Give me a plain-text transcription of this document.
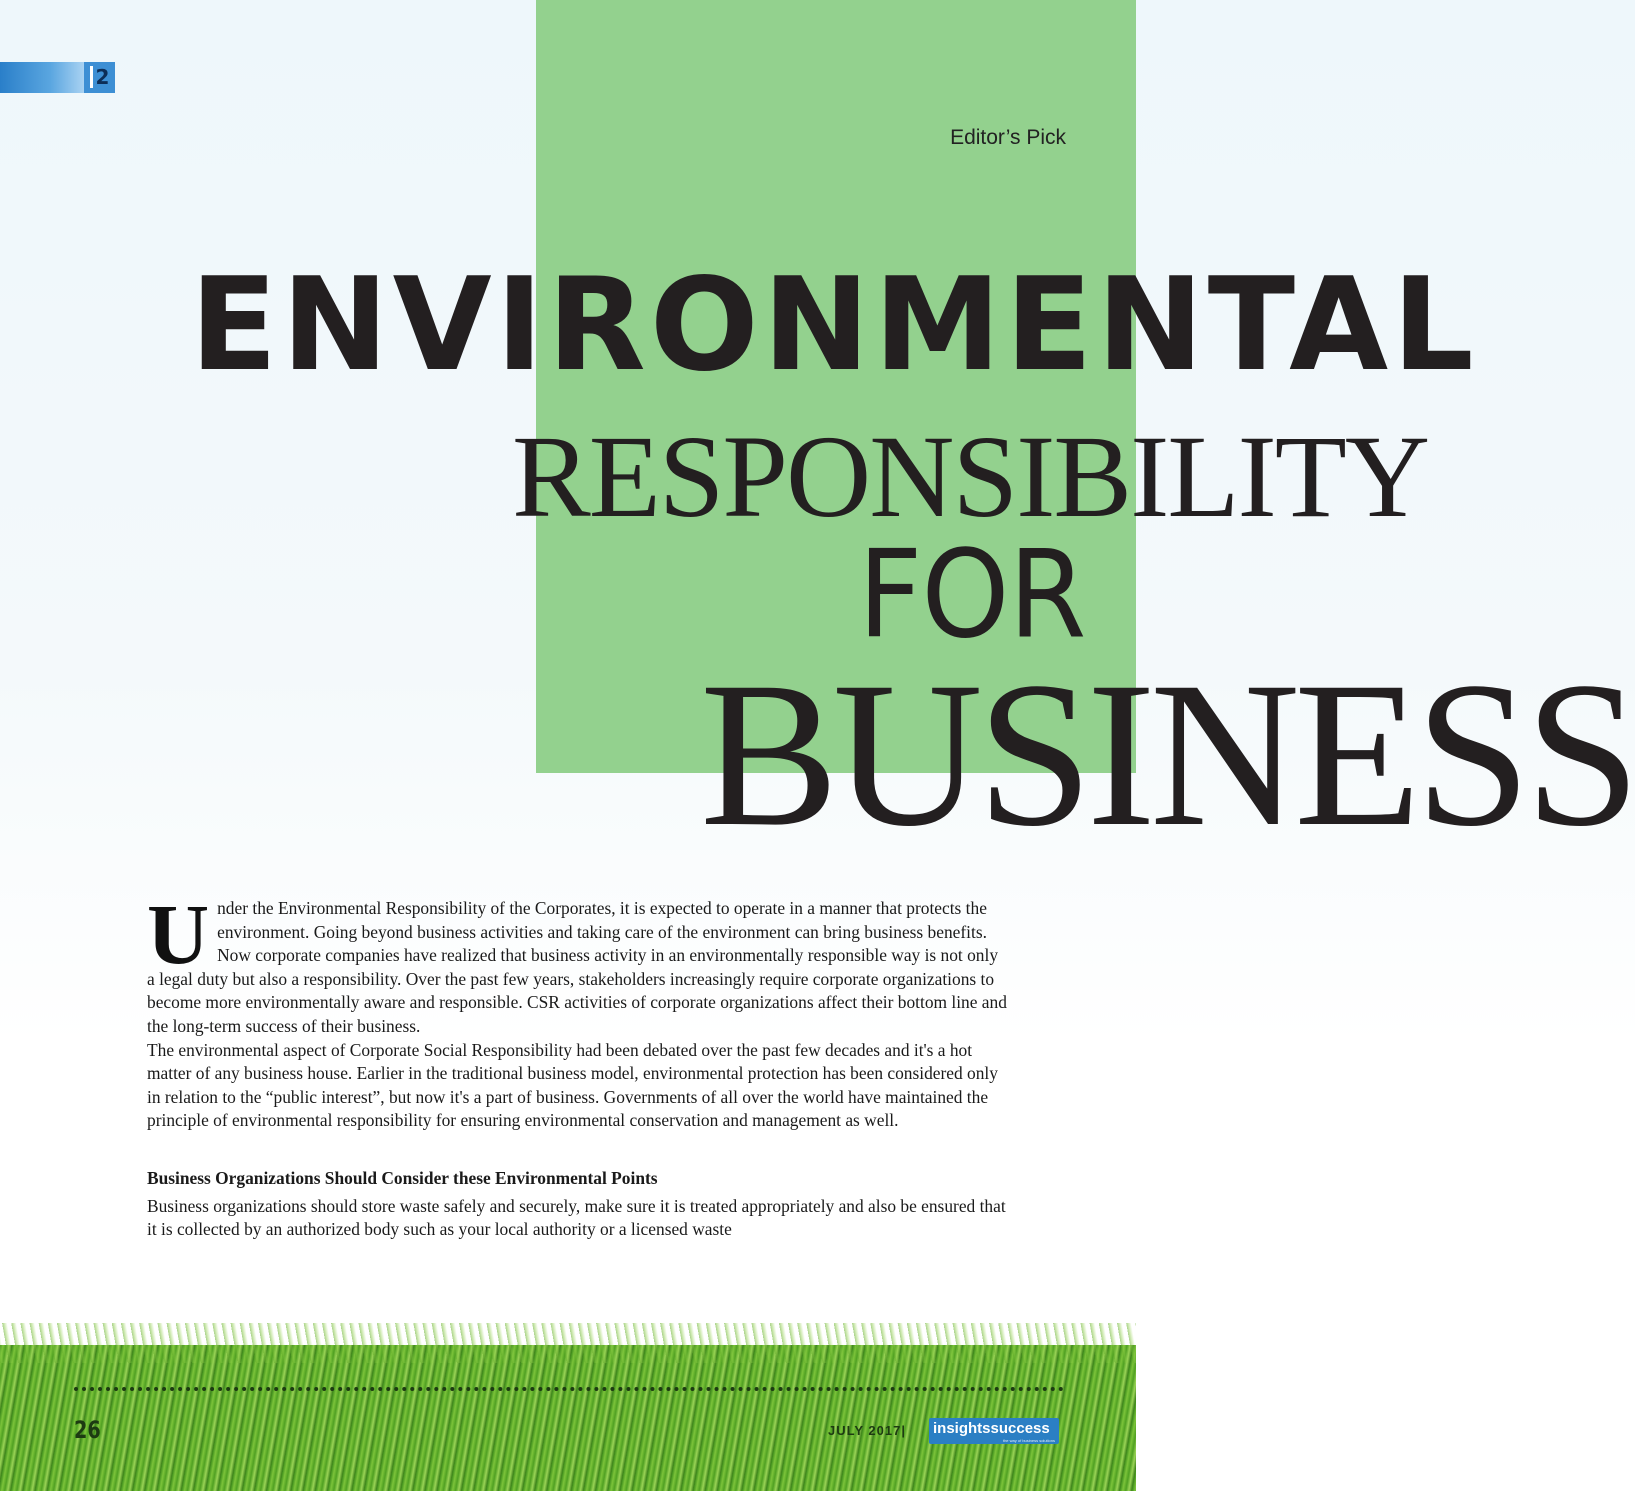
2
Editor’s Pick
ENVIRONMENTAL
RESPONSIBILITY
FOR
BUSINESS

Under the Environmental Responsibility of the Corporates, it is expected to operate in a manner that protects the environment. Going beyond business activities and taking care of the environment can bring business benefits. Now corporate companies have realized that business activity in an environmentally responsible way is not only a legal duty but also a responsibility. Over the past few years, stakeholders increasingly require corporate organizations to become more environmentally aware and responsible. CSR activities of corporate organizations affect their bottom line and the long-term success of their business.

The environmental aspect of Corporate Social Responsibility had been debated over the past few decades and it's a hot matter of any business house. Earlier in the traditional business model, environmental protection has been considered only in relation to the “public interest”, but now it's a part of business. Governments of all over the world have maintained the principle of environmental responsibility for ensuring environmental conservation and management as well.

Business Organizations Should Consider these Environmental Points

Business organizations should store waste safely and securely, make sure it is treated appropriately and also be ensured that it is collected by an authorized body such as your local authority or a licensed waste

26	JULY 2017| insightssuccess
the way of business solutions
